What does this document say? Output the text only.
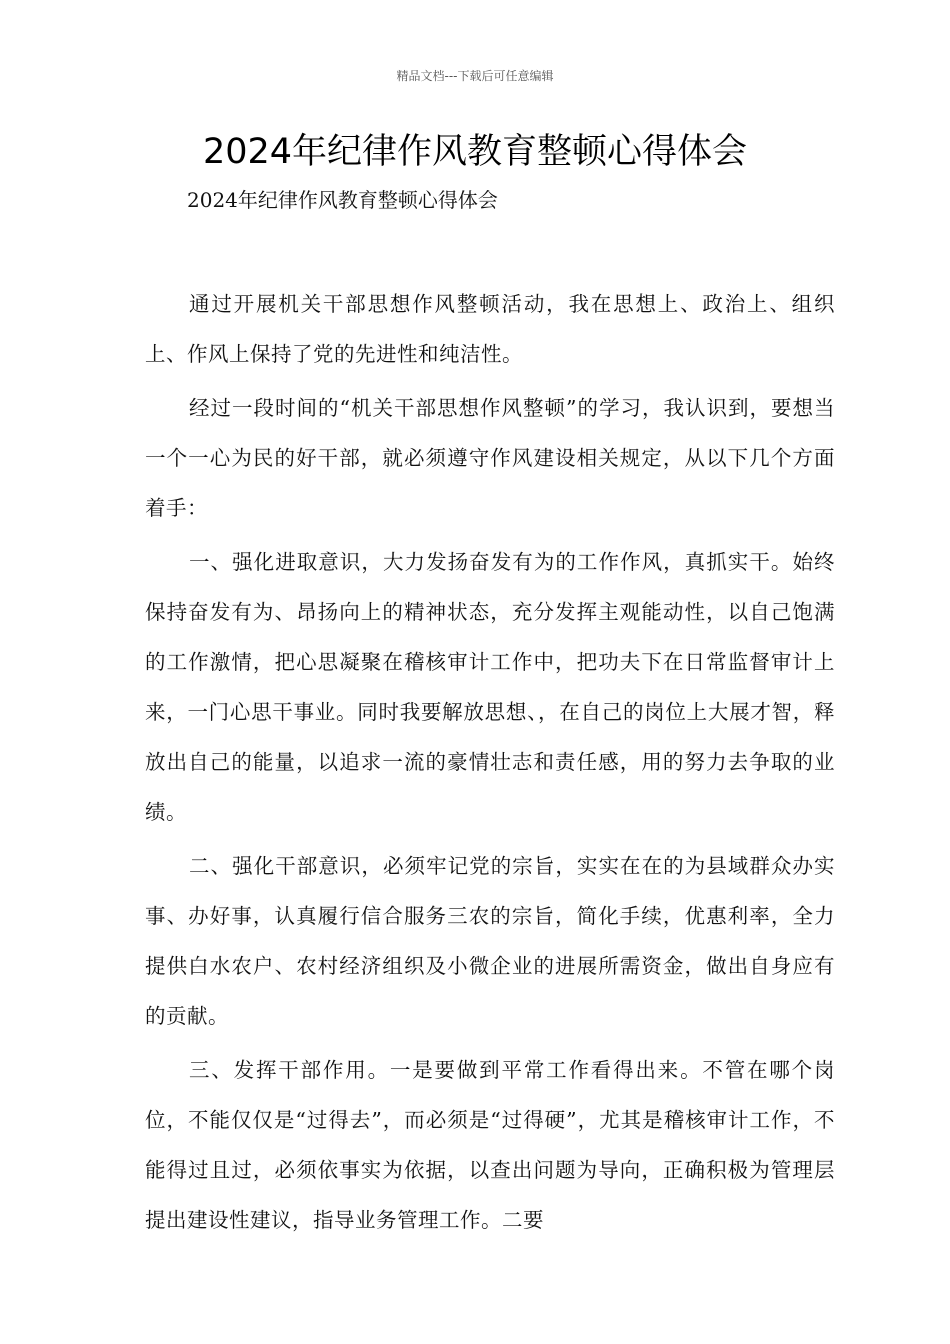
精品文档---下载后可任意编辑
2024年纪律作风教育整顿心得体会
2024年纪律作风教育整顿心得体会

通过开展机关干部思想作风整顿活动，我在思想上、政治上、组织上、作风上保持了党的先进性和纯洁性。

经过一段时间的“机关干部思想作风整顿”的学习，我认识到，要想当一个一心为民的好干部，就必须遵守作风建设相关规定，从以下几个方面着手：

一、强化进取意识，大力发扬奋发有为的工作作风，真抓实干。始终保持奋发有为、昂扬向上的精神状态，充分发挥主观能动性，以自己饱满的工作激情，把心思凝聚在稽核审计工作中，把功夫下在日常监督审计上来，一门心思干事业。同时我要解放思想、，在自己的岗位上大展才智，释放出自己的能量，以追求一流的豪情壮志和责任感，用的努力去争取的业绩。

二、强化干部意识，必须牢记党的宗旨，实实在在的为县域群众办实事、办好事，认真履行信合服务三农的宗旨，简化手续，优惠利率，全力提供白水农户、农村经济组织及小微企业的进展所需资金，做出自身应有的贡献。

三、发挥干部作用。一是要做到平常工作看得出来。不管在哪个岗位，不能仅仅是“过得去”，而必须是“过得硬”，尤其是稽核审计工作，不能得过且过，必须依事实为依据，以查出问题为导向，正确积极为管理层提出建设性建议，指导业务管理工作。二要
